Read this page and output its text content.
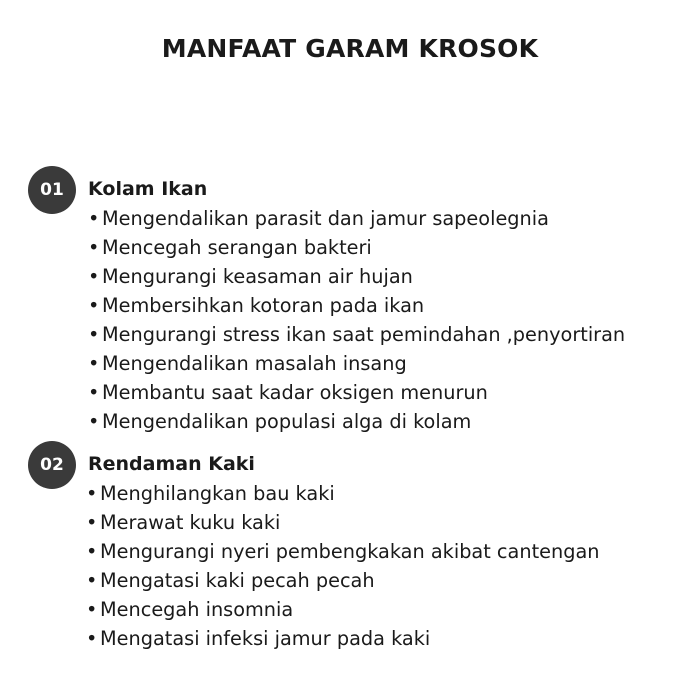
MANFAAT GARAM KROSOK
01	Kolam Ikan
• Mengendalikan parasit dan jamur sapeolegnia
• Mencegah serangan bakteri
• Mengurangi keasaman air hujan
• Membersihkan kotoran pada ikan
• Mengurangi stress ikan saat pemindahan ,penyortiran
• Mengendalikan masalah insang
• Membantu saat kadar oksigen menurun
• Mengendalikan populasi alga di kolam
02	Rendaman Kaki
• Menghilangkan bau kaki
• Merawat kuku kaki
• Mengurangi nyeri pembengkakan akibat cantengan
• Mengatasi kaki pecah pecah
• Mencegah insomnia
• Mengatasi infeksi jamur pada kaki
